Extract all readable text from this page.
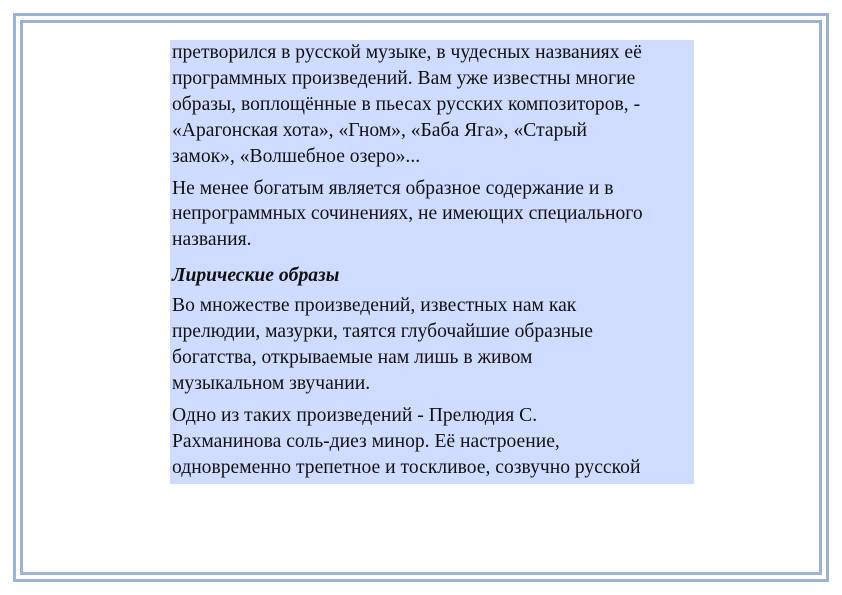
претворился в русской музыке, в чудесных названиях её
программных произведений. Вам уже известны многие
образы, воплощённые в пьесах русских композиторов, -
«Арагонская хота», «Гном», «Баба Яга», «Старый
замок», «Волшебное озеро»...

Не менее богатым является образное содержание и в
непрограммных сочинениях, не имеющих специального
названия.

Лирические образы

Во множестве произведений, известных нам как
прелюдии, мазурки, таятся глубочайшие образные
богатства, открываемые нам лишь в живом
музыкальном звучании.

Одно из таких произведений - Прелюдия С.
Рахманинова соль-диез минор. Её настроение,
одновременно трепетное и тоскливое, созвучно русской
